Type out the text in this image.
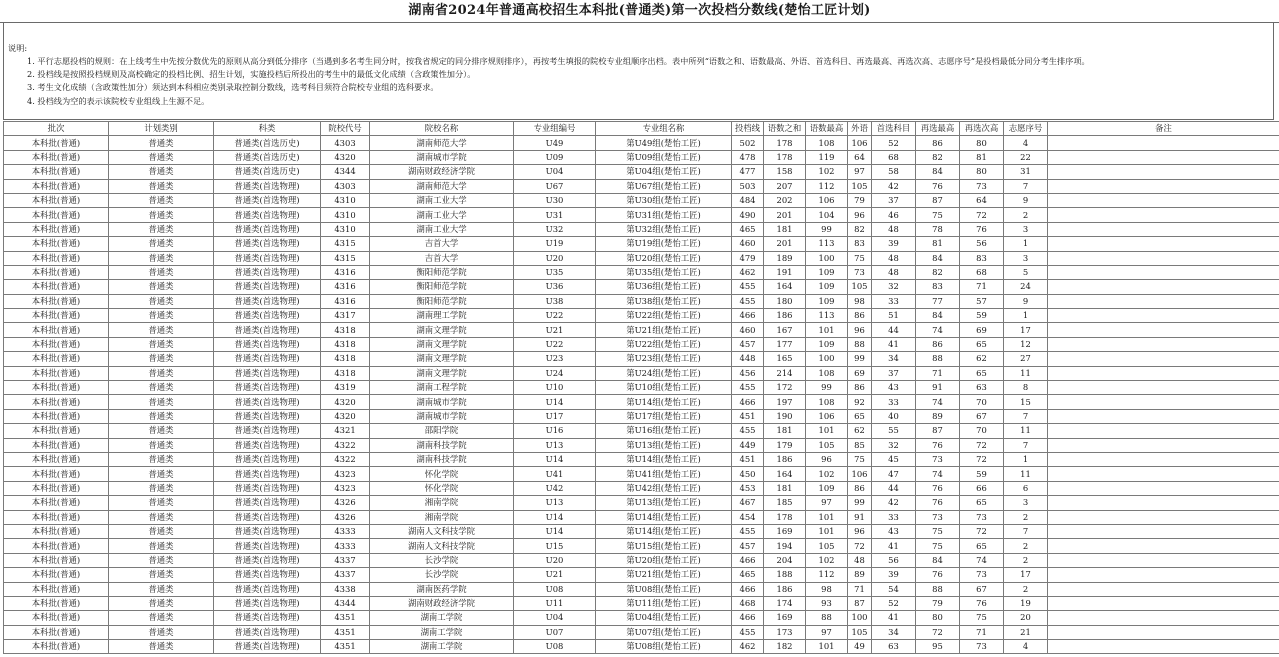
湖南省2024年普通高校招生本科批(普通类)第一次投档分数线(楚怡工匠计划)
说明:
1. 平行志愿投档的规则：在上线考生中先按分数优先的原则从高分到低分排序（当遇到多名考生同分时，按我省规定的同分排序规则排序），再按考生填报的院校专业组顺序出档。表中所列“语数之和、语数最高、外语、首选科目、再选最高、再选次高、志愿序号”是投档最低分同分考生排序项。
2. 投档线是按照投档规则及高校确定的投档比例、招生计划，实施投档后所投出的考生中的最低文化成绩（含政策性加分）。
3. 考生文化成绩（含政策性加分）须达到本科相应类别录取控制分数线，选考科目须符合院校专业组的选科要求。
4. 投档线为空的表示该院校专业组线上生源不足。
批次	计划类别	科类	院校代号	院校名称	专业组编号	专业组名称	投档线	语数之和	语数最高	外语	首选科目	再选最高	再选次高	志愿序号	备注
本科批(普通)	普通类	普通类(首选历史)	4303	湖南师范大学	U49	第U49组(楚怡工匠)	502	178	108	106	52	86	80	4	
本科批(普通)	普通类	普通类(首选历史)	4320	湖南城市学院	U09	第U09组(楚怡工匠)	478	178	119	64	68	82	81	22	
本科批(普通)	普通类	普通类(首选历史)	4344	湖南财政经济学院	U04	第U04组(楚怡工匠)	477	158	102	97	58	84	80	31	
本科批(普通)	普通类	普通类(首选物理)	4303	湖南师范大学	U67	第U67组(楚怡工匠)	503	207	112	105	42	76	73	7	
本科批(普通)	普通类	普通类(首选物理)	4310	湖南工业大学	U30	第U30组(楚怡工匠)	484	202	106	79	37	87	64	9	
本科批(普通)	普通类	普通类(首选物理)	4310	湖南工业大学	U31	第U31组(楚怡工匠)	490	201	104	96	46	75	72	2	
本科批(普通)	普通类	普通类(首选物理)	4310	湖南工业大学	U32	第U32组(楚怡工匠)	465	181	99	82	48	78	76	3	
本科批(普通)	普通类	普通类(首选物理)	4315	吉首大学	U19	第U19组(楚怡工匠)	460	201	113	83	39	81	56	1	
本科批(普通)	普通类	普通类(首选物理)	4315	吉首大学	U20	第U20组(楚怡工匠)	479	189	100	75	48	84	83	3	
本科批(普通)	普通类	普通类(首选物理)	4316	衡阳师范学院	U35	第U35组(楚怡工匠)	462	191	109	73	48	82	68	5	
本科批(普通)	普通类	普通类(首选物理)	4316	衡阳师范学院	U36	第U36组(楚怡工匠)	455	164	109	105	32	83	71	24	
本科批(普通)	普通类	普通类(首选物理)	4316	衡阳师范学院	U38	第U38组(楚怡工匠)	455	180	109	98	33	77	57	9	
本科批(普通)	普通类	普通类(首选物理)	4317	湖南理工学院	U22	第U22组(楚怡工匠)	466	186	113	86	51	84	59	1	
本科批(普通)	普通类	普通类(首选物理)	4318	湖南文理学院	U21	第U21组(楚怡工匠)	460	167	101	96	44	74	69	17	
本科批(普通)	普通类	普通类(首选物理)	4318	湖南文理学院	U22	第U22组(楚怡工匠)	457	177	109	88	41	86	65	12	
本科批(普通)	普通类	普通类(首选物理)	4318	湖南文理学院	U23	第U23组(楚怡工匠)	448	165	100	99	34	88	62	27	
本科批(普通)	普通类	普通类(首选物理)	4318	湖南文理学院	U24	第U24组(楚怡工匠)	456	214	108	69	37	71	65	11	
本科批(普通)	普通类	普通类(首选物理)	4319	湖南工程学院	U10	第U10组(楚怡工匠)	455	172	99	86	43	91	63	8	
本科批(普通)	普通类	普通类(首选物理)	4320	湖南城市学院	U14	第U14组(楚怡工匠)	466	197	108	92	33	74	70	15	
本科批(普通)	普通类	普通类(首选物理)	4320	湖南城市学院	U17	第U17组(楚怡工匠)	451	190	106	65	40	89	67	7	
本科批(普通)	普通类	普通类(首选物理)	4321	邵阳学院	U16	第U16组(楚怡工匠)	455	181	101	62	55	87	70	11	
本科批(普通)	普通类	普通类(首选物理)	4322	湖南科技学院	U13	第U13组(楚怡工匠)	449	179	105	85	32	76	72	7	
本科批(普通)	普通类	普通类(首选物理)	4322	湖南科技学院	U14	第U14组(楚怡工匠)	451	186	96	75	45	73	72	1	
本科批(普通)	普通类	普通类(首选物理)	4323	怀化学院	U41	第U41组(楚怡工匠)	450	164	102	106	47	74	59	11	
本科批(普通)	普通类	普通类(首选物理)	4323	怀化学院	U42	第U42组(楚怡工匠)	453	181	109	86	44	76	66	6	
本科批(普通)	普通类	普通类(首选物理)	4326	湘南学院	U13	第U13组(楚怡工匠)	467	185	97	99	42	76	65	3	
本科批(普通)	普通类	普通类(首选物理)	4326	湘南学院	U14	第U14组(楚怡工匠)	454	178	101	91	33	73	73	2	
本科批(普通)	普通类	普通类(首选物理)	4333	湖南人文科技学院	U14	第U14组(楚怡工匠)	455	169	101	96	43	75	72	7	
本科批(普通)	普通类	普通类(首选物理)	4333	湖南人文科技学院	U15	第U15组(楚怡工匠)	457	194	105	72	41	75	65	2	
本科批(普通)	普通类	普通类(首选物理)	4337	长沙学院	U20	第U20组(楚怡工匠)	466	204	102	48	56	84	74	2	
本科批(普通)	普通类	普通类(首选物理)	4337	长沙学院	U21	第U21组(楚怡工匠)	465	188	112	89	39	76	73	17	
本科批(普通)	普通类	普通类(首选物理)	4338	湖南医药学院	U08	第U08组(楚怡工匠)	466	186	98	71	54	88	67	2	
本科批(普通)	普通类	普通类(首选物理)	4344	湖南财政经济学院	U11	第U11组(楚怡工匠)	468	174	93	87	52	79	76	19	
本科批(普通)	普通类	普通类(首选物理)	4351	湖南工学院	U04	第U04组(楚怡工匠)	466	169	88	100	41	80	75	20	
本科批(普通)	普通类	普通类(首选物理)	4351	湖南工学院	U07	第U07组(楚怡工匠)	455	173	97	105	34	72	71	21	
本科批(普通)	普通类	普通类(首选物理)	4351	湖南工学院	U08	第U08组(楚怡工匠)	462	182	101	49	63	95	73	4	
